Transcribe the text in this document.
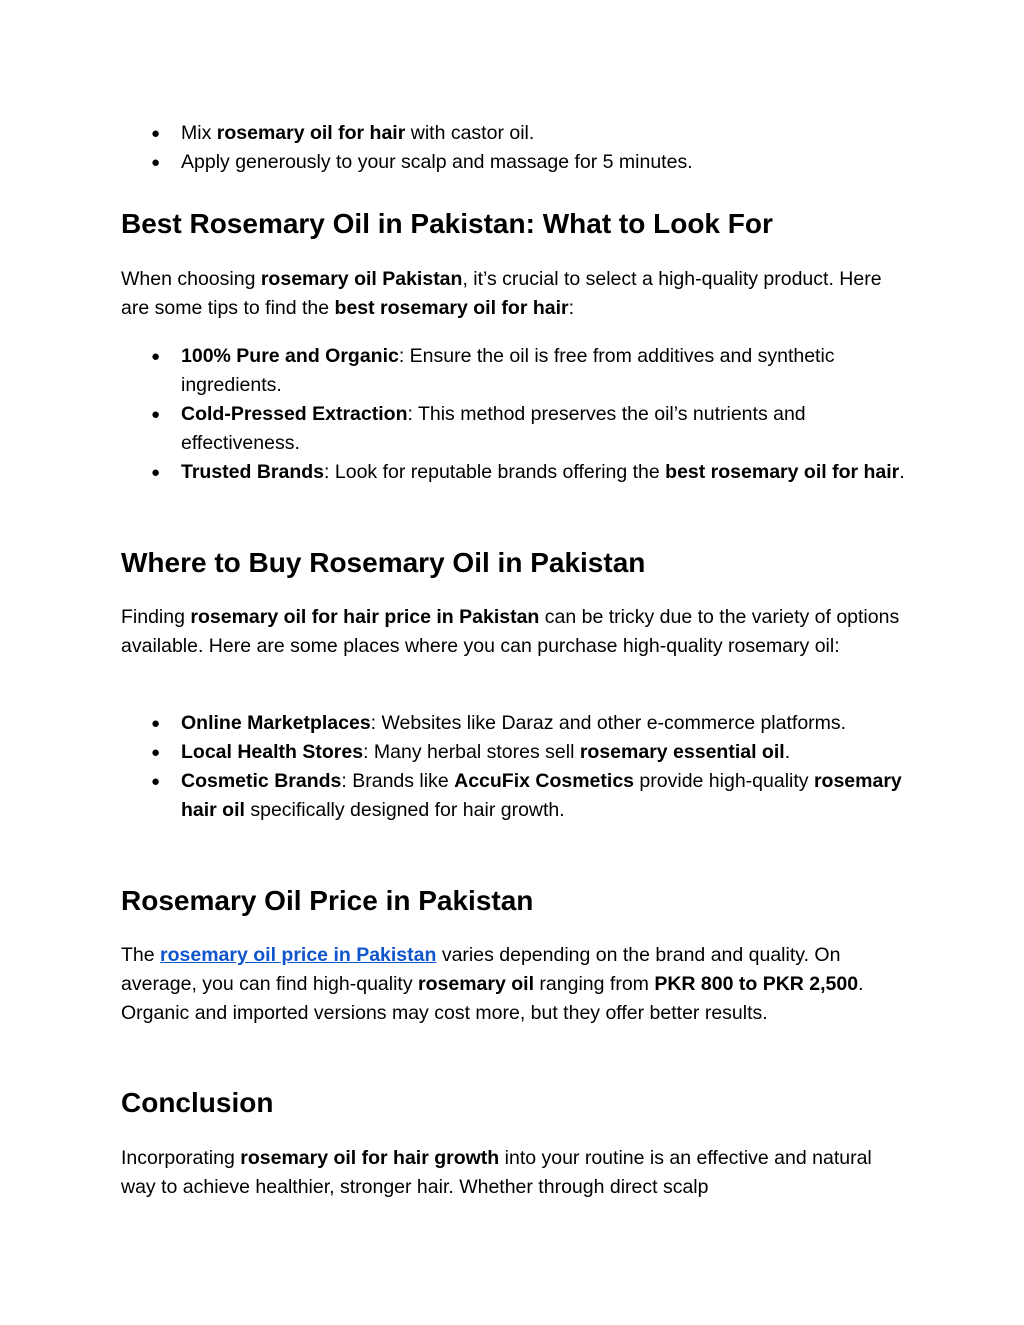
● Mix rosemary oil for hair with castor oil.
● Apply generously to your scalp and massage for 5 minutes.
Best Rosemary Oil in Pakistan: What to Look For

When choosing rosemary oil Pakistan, it’s crucial to select a high-quality product. Here are some tips to find the best rosemary oil for hair:

● 100% Pure and Organic: Ensure the oil is free from additives and synthetic ingredients.
● Cold-Pressed Extraction: This method preserves the oil’s nutrients and effectiveness.
● Trusted Brands: Look for reputable brands offering the best rosemary oil for hair.
Where to Buy Rosemary Oil in Pakistan

Finding rosemary oil for hair price in Pakistan can be tricky due to the variety of options available. Here are some places where you can purchase high-quality rosemary oil:

● Online Marketplaces: Websites like Daraz and other e-commerce platforms.
● Local Health Stores: Many herbal stores sell rosemary essential oil.
● Cosmetic Brands: Brands like AccuFix Cosmetics provide high-quality rosemary hair oil specifically designed for hair growth.
Rosemary Oil Price in Pakistan

The rosemary oil price in Pakistan varies depending on the brand and quality. On average, you can find high-quality rosemary oil ranging from PKR 800 to PKR 2,500. Organic and imported versions may cost more, but they offer better results.

Conclusion

Incorporating rosemary oil for hair growth into your routine is an effective and natural way to achieve healthier, stronger hair. Whether through direct scalp
